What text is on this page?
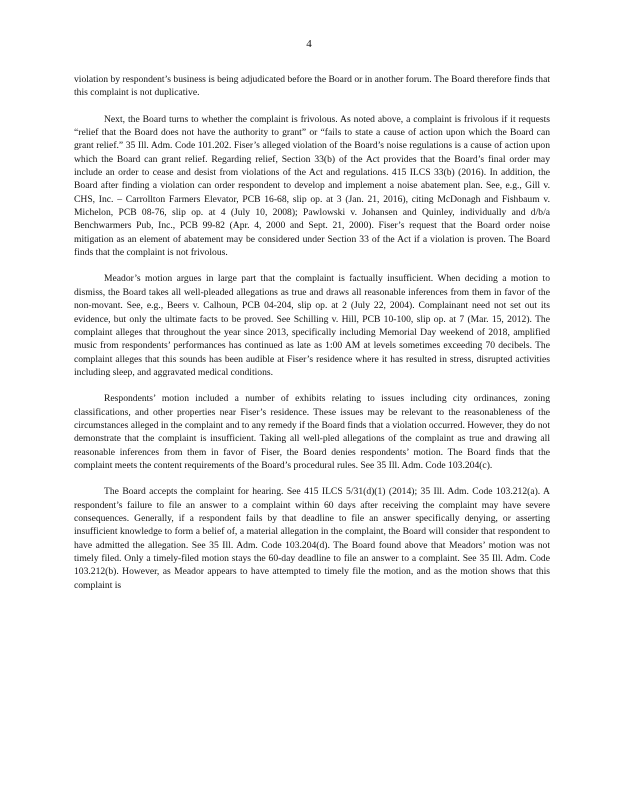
4

violation by respondent’s business is being adjudicated before the Board or in another forum. The Board therefore finds that this complaint is not duplicative.

Next, the Board turns to whether the complaint is frivolous. As noted above, a complaint is frivolous if it requests “relief that the Board does not have the authority to grant” or “fails to state a cause of action upon which the Board can grant relief.” 35 Ill. Adm. Code 101.202. Fiser’s alleged violation of the Board’s noise regulations is a cause of action upon which the Board can grant relief. Regarding relief, Section 33(b) of the Act provides that the Board’s final order may include an order to cease and desist from violations of the Act and regulations. 415 ILCS 33(b) (2016). In addition, the Board after finding a violation can order respondent to develop and implement a noise abatement plan. See, e.g., Gill v. CHS, Inc. – Carrollton Farmers Elevator, PCB 16-68, slip op. at 3 (Jan. 21, 2016), citing McDonagh and Fishbaum v. Michelon, PCB 08-76, slip op. at 4 (July 10, 2008); Pawlowski v. Johansen and Quinley, individually and d/b/a Benchwarmers Pub, Inc., PCB 99-82 (Apr. 4, 2000 and Sept. 21, 2000). Fiser’s request that the Board order noise mitigation as an element of abatement may be considered under Section 33 of the Act if a violation is proven. The Board finds that the complaint is not frivolous.

Meador’s motion argues in large part that the complaint is factually insufficient. When deciding a motion to dismiss, the Board takes all well-pleaded allegations as true and draws all reasonable inferences from them in favor of the non-movant. See, e.g., Beers v. Calhoun, PCB 04-204, slip op. at 2 (July 22, 2004). Complainant need not set out its evidence, but only the ultimate facts to be proved. See Schilling v. Hill, PCB 10-100, slip op. at 7 (Mar. 15, 2012). The complaint alleges that throughout the year since 2013, specifically including Memorial Day weekend of 2018, amplified music from respondents’ performances has continued as late as 1:00 AM at levels sometimes exceeding 70 decibels. The complaint alleges that this sounds has been audible at Fiser’s residence where it has resulted in stress, disrupted activities including sleep, and aggravated medical conditions.

Respondents’ motion included a number of exhibits relating to issues including city ordinances, zoning classifications, and other properties near Fiser’s residence. These issues may be relevant to the reasonableness of the circumstances alleged in the complaint and to any remedy if the Board finds that a violation occurred. However, they do not demonstrate that the complaint is insufficient. Taking all well-pled allegations of the complaint as true and drawing all reasonable inferences from them in favor of Fiser, the Board denies respondents’ motion. The Board finds that the complaint meets the content requirements of the Board’s procedural rules. See 35 Ill. Adm. Code 103.204(c).

The Board accepts the complaint for hearing. See 415 ILCS 5/31(d)(1) (2014); 35 Ill. Adm. Code 103.212(a). A respondent’s failure to file an answer to a complaint within 60 days after receiving the complaint may have severe consequences. Generally, if a respondent fails by that deadline to file an answer specifically denying, or asserting insufficient knowledge to form a belief of, a material allegation in the complaint, the Board will consider that respondent to have admitted the allegation. See 35 Ill. Adm. Code 103.204(d). The Board found above that Meadors’ motion was not timely filed. Only a timely-filed motion stays the 60-day deadline to file an answer to a complaint. See 35 Ill. Adm. Code 103.212(b). However, as Meador appears to have attempted to timely file the motion, and as the motion shows that this complaint is
